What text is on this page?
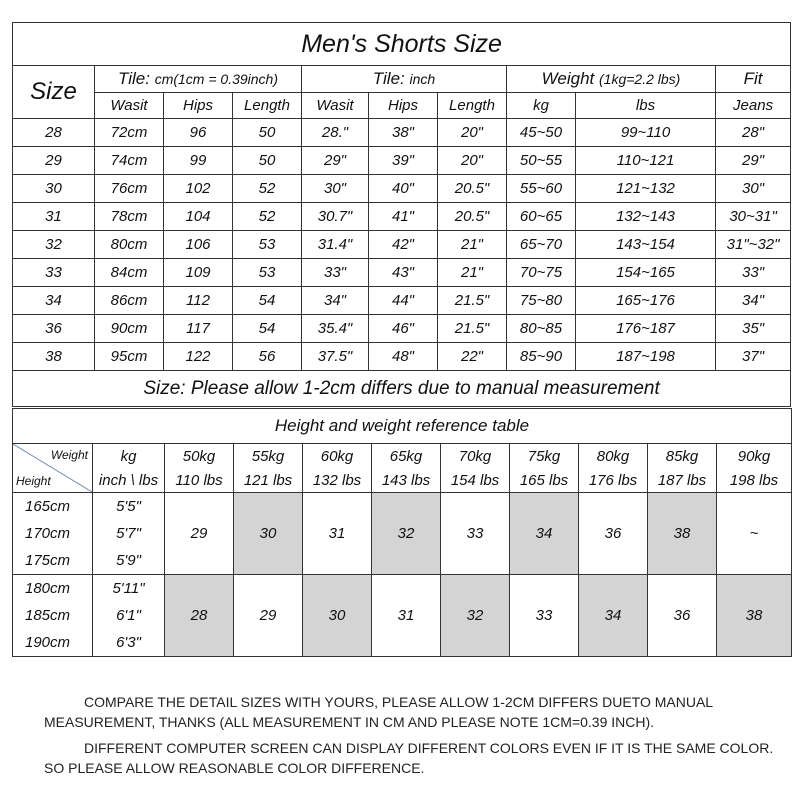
Men's Shorts Size									
Size	Tile: cm(1cm = 0.39inch)			Tile: inch			Weight (1kg=2.2 lbs)		Fit
	Wasit	Hips	Length	Wasit	Hips	Length	kg	lbs	Jeans
28	72cm	96	50	28."	38"	20"	45~50	99~110	28"
29	74cm	99	50	29"	39"	20"	50~55	110~121	29"
30	76cm	102	52	30"	40"	20.5"	55~60	121~132	30"
31	78cm	104	52	30.7"	41"	20.5"	60~65	132~143	30~31"
32	80cm	106	53	31.4"	42"	21"	65~70	143~154	31"~32"
33	84cm	109	53	33"	43"	21"	70~75	154~165	33"
34	86cm	112	54	34"	44"	21.5"	75~80	165~176	34"
36	90cm	117	54	35.4"	46"	21.5"	80~85	176~187	35"
38	95cm	122	56	37.5"	48"	22"	85~90	187~198	37"
Size: Please allow 1-2cm differs due to manual measurement									
Height and weight reference table										

Weight
Height	kg	50kg	55kg	60kg	65kg	70kg	75kg	80kg	85kg	90kg
	inch \ lbs	110 lbs	121 lbs	132 lbs	143 lbs	154 lbs	165 lbs	176 lbs	187 lbs	198 lbs
165cm	5'5"	29	30	31	32	33	34	36	38	~
170cm	5'7"									
175cm	5'9"									
180cm	5'11"	28	29	30	31	32	33	34	36	38
185cm	6'1"									
190cm	6'3"									

COMPARE THE DETAIL SIZES WITH YOURS, PLEASE ALLOW 1-2CM DIFFERS DUETO MANUAL MEASUREMENT, THANKS (ALL MEASUREMENT IN CM AND PLEASE NOTE 1CM=0.39 INCH).

DIFFERENT COMPUTER SCREEN CAN DISPLAY DIFFERENT COLORS EVEN IF IT IS THE SAME COLOR. SO PLEASE ALLOW REASONABLE COLOR DIFFERENCE.
